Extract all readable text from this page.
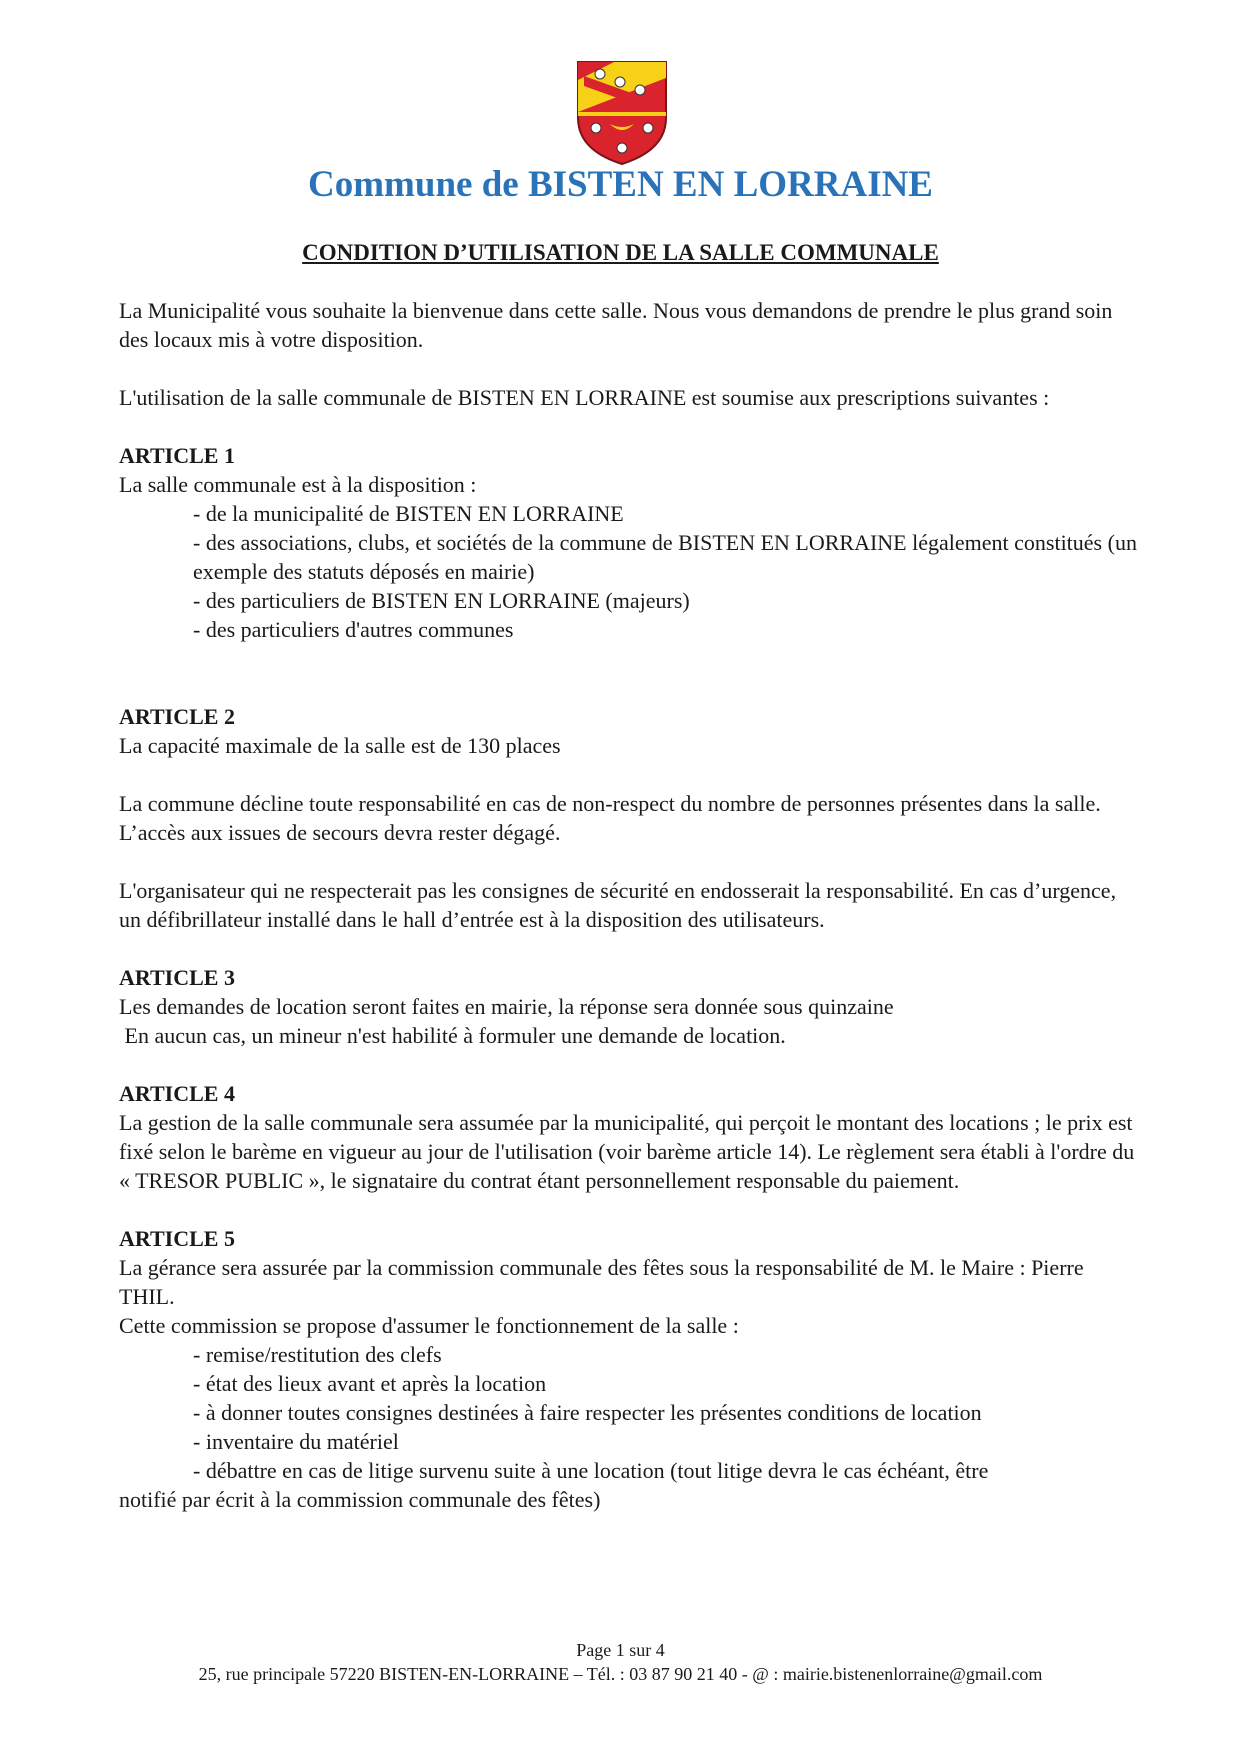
Commune de BISTEN EN LORRAINE
CONDITION D’UTILISATION DE LA SALLE COMMUNALE

La Municipalité vous souhaite la bienvenue dans cette salle. Nous vous demandons de prendre le plus grand soin des locaux mis à votre disposition.

L'utilisation de la salle communale de BISTEN EN LORRAINE est soumise aux prescriptions suivantes :

ARTICLE 1

La salle communale est à la disposition :

- de la municipalité de BISTEN EN LORRAINE

- des associations, clubs, et sociétés de la commune de BISTEN EN LORRAINE légalement constitués (un exemple des statuts déposés en mairie)

- des particuliers de BISTEN EN LORRAINE (majeurs)

- des particuliers d'autres communes

ARTICLE 2

La capacité maximale de la salle est de 130 places

La commune décline toute responsabilité en cas de non-respect du nombre de personnes présentes dans la salle.

L’accès aux issues de secours devra rester dégagé.

L'organisateur qui ne respecterait pas les consignes de sécurité en endosserait la responsabilité. En cas d’urgence, un défibrillateur installé dans le hall d’entrée est à la disposition des utilisateurs.

ARTICLE 3

Les demandes de location seront faites en mairie, la réponse sera donnée sous quinzaine

En aucun cas, un mineur n'est habilité à formuler une demande de location.

ARTICLE 4

La gestion de la salle communale sera assumée par la municipalité, qui perçoit le montant des locations ; le prix est fixé selon le barème en vigueur au jour de l'utilisation (voir barème article 14). Le règlement sera établi à l'ordre du « TRESOR PUBLIC », le signataire du contrat étant personnellement responsable du paiement.

ARTICLE 5

La gérance sera assurée par la commission communale des fêtes sous la responsabilité de M. le Maire : Pierre THIL.

Cette commission se propose d'assumer le fonctionnement de la salle :

- remise/restitution des clefs

- état des lieux avant et après la location

- à donner toutes consignes destinées à faire respecter les présentes conditions de location

- inventaire du matériel

- débattre en cas de litige survenu suite à une location (tout litige devra le cas échéant, être

notifié par écrit à la commission communale des fêtes)

Page 1 sur 4
25, rue principale 57220 BISTEN-EN-LORRAINE – Tél. : 03 87 90 21 40 - @ : mairie.bistenenlorraine@gmail.com
